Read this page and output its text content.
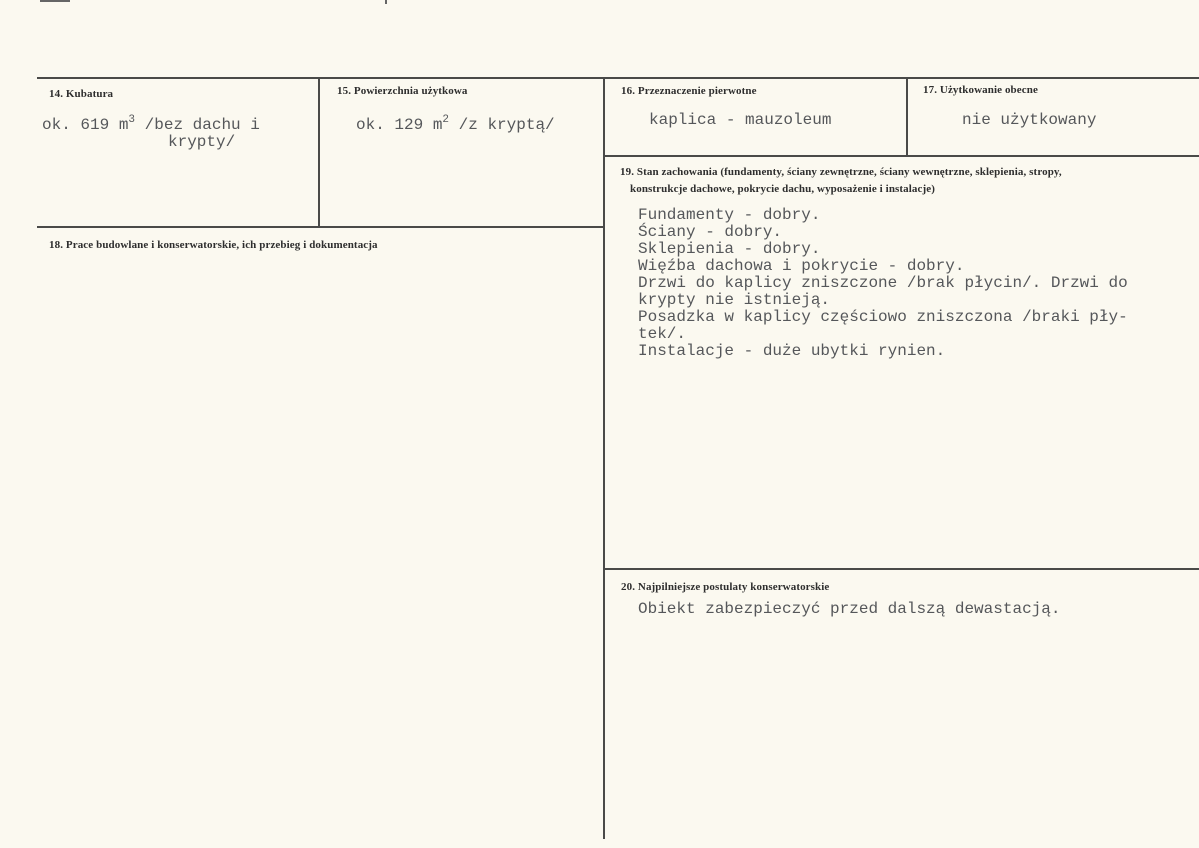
14. Kubatura
ok. 619 $m^3$ /bez dachu i
krypty/
15. Powierzchnia użytkowa
ok. 129 $m^2$ /z kryptą/
16. Przeznaczenie pierwotne
kaplica - mauzoleum
17. Użytkowanie obecne
nie użytkowany
18. Prace budowlane i konserwatorskie, ich przebieg i dokumentacja
19. Stan zachowania (fundamenty, ściany zewnętrzne, ściany wewnętrzne, sklepienia, stropy,
konstrukcje dachowe, pokrycie dachu, wyposażenie i instalacje)
Fundamenty - dobry.
Ściany - dobry.
Sklepienia - dobry.
Więźba dachowa i pokrycie - dobry.
Drzwi do kaplicy zniszczone /brak płycin/. Drzwi do
krypty nie istnieją.
Posadzka w kaplicy częściowo zniszczona /braki pły-
tek/.
Instalacje - duże ubytki rynien.
20. Najpilniejsze postulaty konserwatorskie
Obiekt zabezpieczyć przed dalszą dewastacją.
